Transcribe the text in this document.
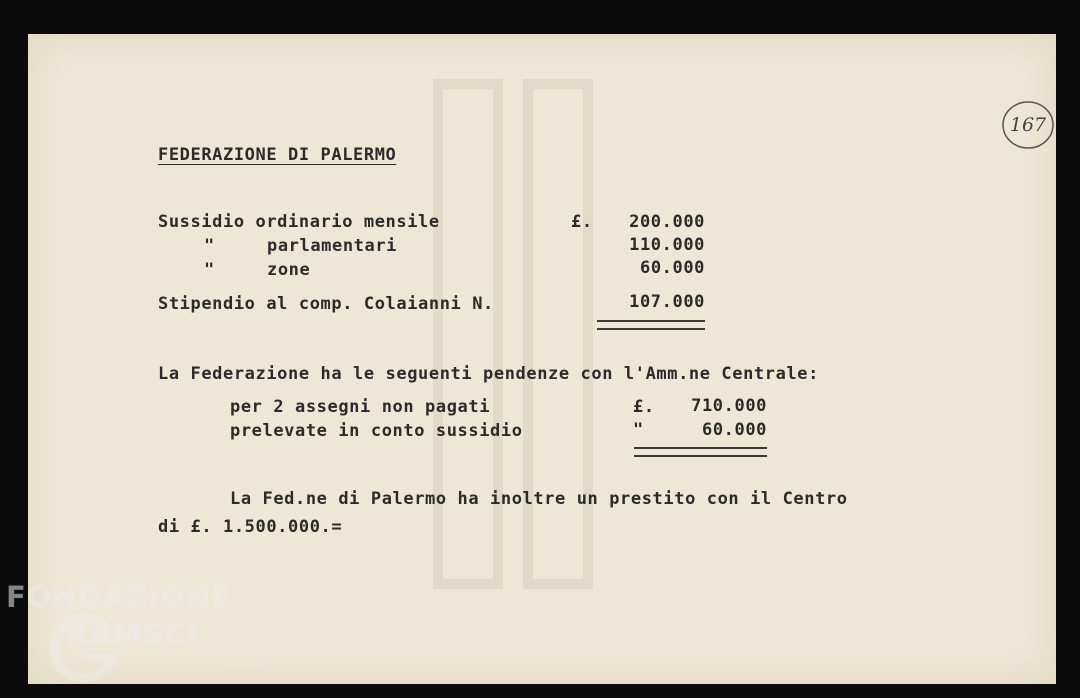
167
FEDERAZIONE DI PALERMO
Sussidio ordinario mensile	£.	200.000
"	parlamentari	110.000
"	zone	60.000
Stipendio al comp. Colaianni N.	107.000
La Federazione ha le seguenti pendenze con l'Amm.ne Centrale:
per 2 assegni non pagati	£.	710.000
prelevate in conto sussidio	"	60.000
La Fed.ne di Palermo ha inoltre un prestito con il Centro
di £. 1.500.000.=
FONDAZIONE
RAMSCI
onlus
